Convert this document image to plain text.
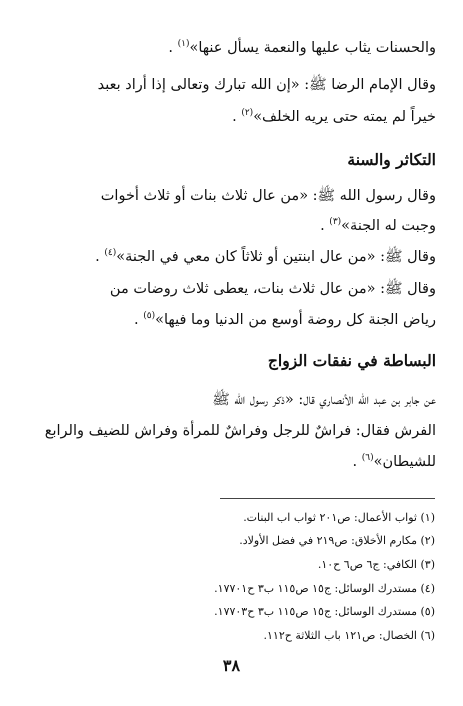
والحسنات يثاب عليها والنعمة يسأل عنها»$^{(١)}$ .

وقال الإمام الرضا ﷺ: «إن الله تبارك وتعالى إذا أراد بعبد

خيراً لم يمته حتى يريه الخلف»$^{(٢)}$ .

التكاثر والسنة

وقال رسول الله ﷺ: «من عال ثلاث بنات أو ثلاث أخوات

وجبت له الجنة»$^{(٣)}$ .

وقال ﷺ: «من عال ابنتين أو ثلاثاً كان معي في الجنة»$^{(٤)}$ .

وقال ﷺ: «من عال ثلاث بنات، يعطى ثلاث روضات من

رياض الجنة كل روضة أوسع من الدنيا وما فيها»$^{(٥)}$ .

البساطة في نفقات الزواج

عن جابر بن عبد الله الأنصاري قال: «ذكر رسول الله ﷺ

الفرش فقال: فراشٌ للرجل وفراشٌ للمرأة وفراش للضيف والرابع

للشيطان»$^{(٦)}$ .

(١) ثواب الأعمال: ص٢٠١ ثواب اب البنات.

(٢) مكارم الأخلاق: ص٢١٩ في فضل الأولاد.

(٣) الكافي: ج٦ ص٦ ح١٠.

(٤) مستدرك الوسائل: ج١٥ ص١١٥ ب٣ ح١٧٧٠١.

(٥) مستدرك الوسائل: ج١٥ ص١١٥ ب٣ ح١٧٧٠٣.

(٦) الخصال: ص١٢١ باب الثلاثة ح١١٢.

٣٨
